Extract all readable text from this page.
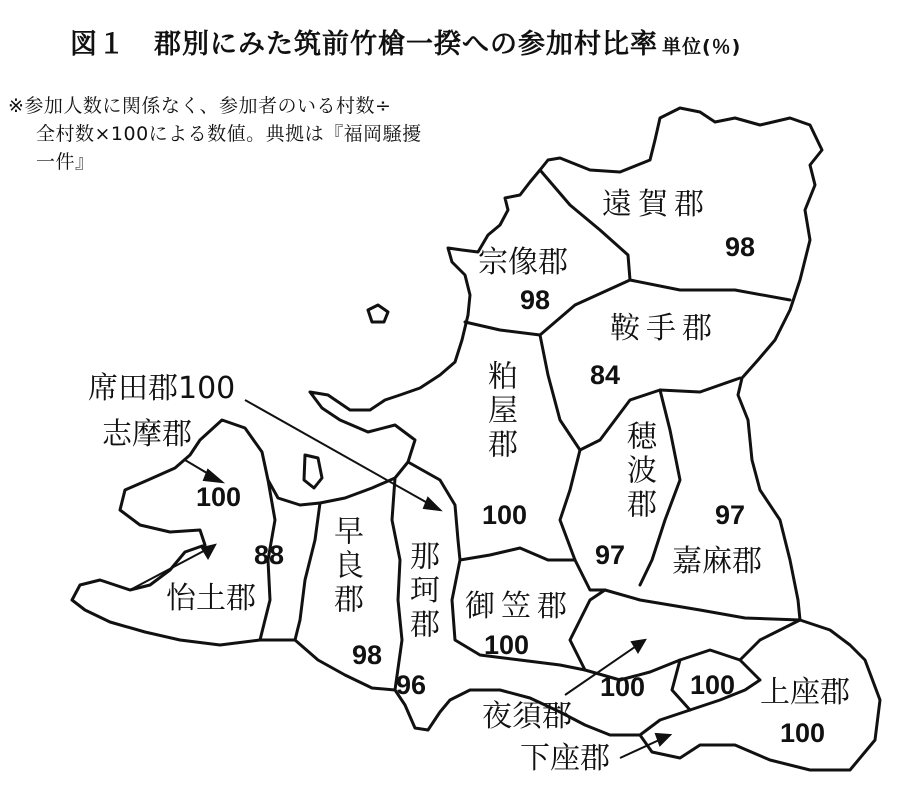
図１　郡別にみた筑前竹槍一揆への参加村比率 単位(％)
※参加人数に関係なく、参加者のいる村数÷
全村数×100による数値。典拠は『福岡騒擾
一件』
遠賀郡
98
宗像郡
98
鞍手郡
84
粕屋郡
100	穂波郡
97
97
嘉麻郡
席田郡100
志摩郡
100
88
怡土郡 早良郡
98
那珂郡
96
御笠郡
100
100
夜須郡
100
下座郡
上座郡
100
